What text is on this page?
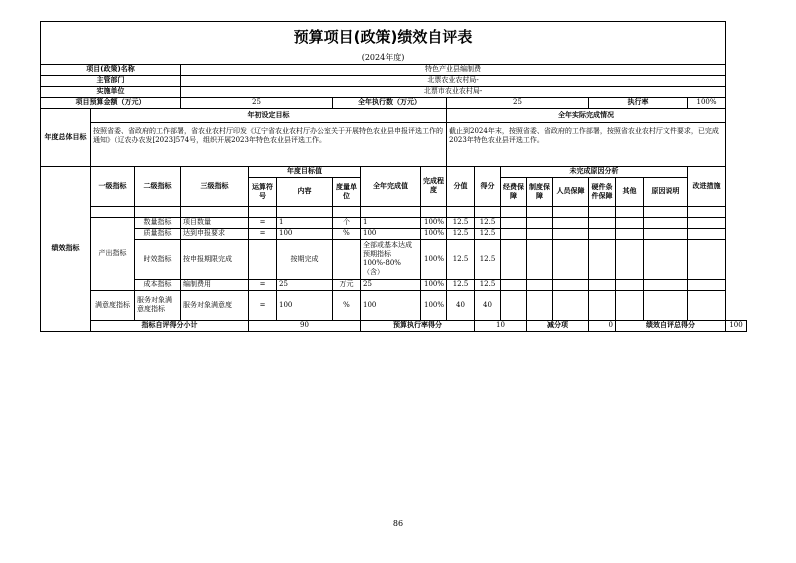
预算项目(政策)绩效自评表																		
(2024年度)																		
项目(政策)名称			特色产业县编制费															
主管部门			北票农业农村局-															
实施单位			北票市农业农村局-															
项目预算金额（万元）			25			全年执行数（万元）			25					执行率			100%	
年度总体目标	年初设定目标								全年实际完成情况									
	按照省委、省政府的工作部署，省农业农村厅印发《辽宁省农业农村厅办公室关于开展特色农业县申报评选工作的通知》（辽农办农发[2023]574号，组织开展2023年特色农业县评选工作。								截止到2024年末，按照省委、省政府的工作部署，按照省农业农村厅文件要求，已完成2023年特色农业县评选工作。									
绩效指标	一级指标	二级指标	三级指标	年度目标值			全年完成值	完成程度	分值	得分	未完成原因分析						改进措施	
				运算符号	内容	度量单位					经费保障	制度保障	人员保障	硬件条件保障	其他	原因说明		

	产出指标	数量指标	项目数量	=	1	个	1	100%	12.5	12.5								
		质量指标	达到申报要求	=	100	%	100	100%	12.5	12.5								
		时效指标	按申报期限完成		按期完成		全部或基本达成预期指标100%-80%（含）	100%	12.5	12.5								
		成本指标	编制费用	=	25	万元	25	100%	12.5	12.5								
	满意度指标	服务对象满意度指标	服务对象满意度	=	100	%	100	100%	40	40								
	指标自评得分小计			90			预算执行率得分			10		减分项		0	绩效自评总得分			100
86
